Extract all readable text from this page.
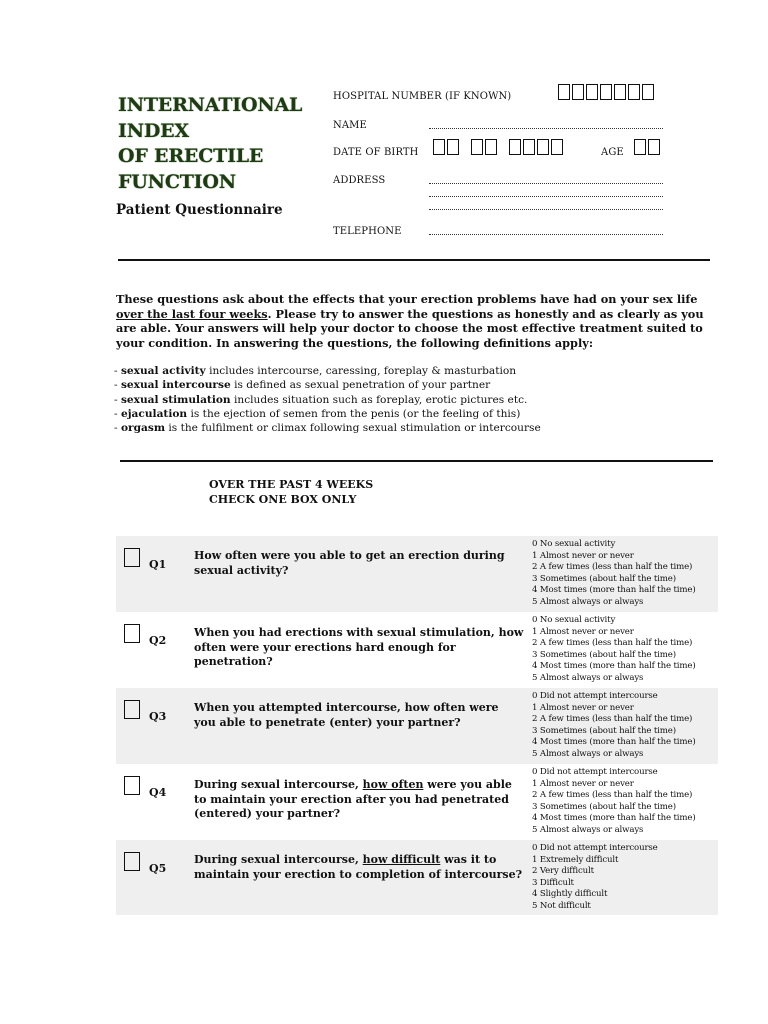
INTERNATIONAL
INDEX
OF ERECTILE
FUNCTION
Patient Questionnaire
HOSPITAL NUMBER (IF KNOWN)
NAME
DATE OF BIRTH	AGE
ADDRESS
TELEPHONE
These questions ask about the effects that your erection problems have had on your sex life over the last four weeks. Please try to answer the questions as honestly and as clearly as you are able. Your answers will help your doctor to choose the most effective treatment suited to your condition. In answering the questions, the following definitions apply:
- sexual activity includes intercourse, caressing, foreplay & masturbation
- sexual intercourse is defined as sexual penetration of your partner
- sexual stimulation includes situation such as foreplay, erotic pictures etc.
- ejaculation is the ejection of semen from the penis (or the feeling of this)
- orgasm is the fulfilment or climax following sexual stimulation or intercourse
OVER THE PAST 4 WEEKS
CHECK ONE BOX ONLY
Q1
How often were you able to get an erection during sexual activity?
0 No sexual activity
1 Almost never or never
2 A few times (less than half the time)
3 Sometimes (about half the time)
4 Most times (more than half the time)
5 Almost always or always
Q2
When you had erections with sexual stimulation, how often were your erections hard enough for penetration?
0 No sexual activity
1 Almost never or never
2 A few times (less than half the time)
3 Sometimes (about half the time)
4 Most times (more than half the time)
5 Almost always or always
Q3
When you attempted intercourse, how often were you able to penetrate (enter) your partner?
0 Did not attempt intercourse
1 Almost never or never
2 A few times (less than half the time)
3 Sometimes (about half the time)
4 Most times (more than half the time)
5 Almost always or always
Q4
During sexual intercourse, how often were you able to maintain your erection after you had penetrated (entered) your partner?
0 Did not attempt intercourse
1 Almost never or never
2 A few times (less than half the time)
3 Sometimes (about half the time)
4 Most times (more than half the time)
5 Almost always or always
Q5
During sexual intercourse, how difficult was it to maintain your erection to completion of intercourse?
0 Did not attempt intercourse
1 Extremely difficult
2 Very difficult
3 Difficult
4 Slightly difficult
5 Not difficult
